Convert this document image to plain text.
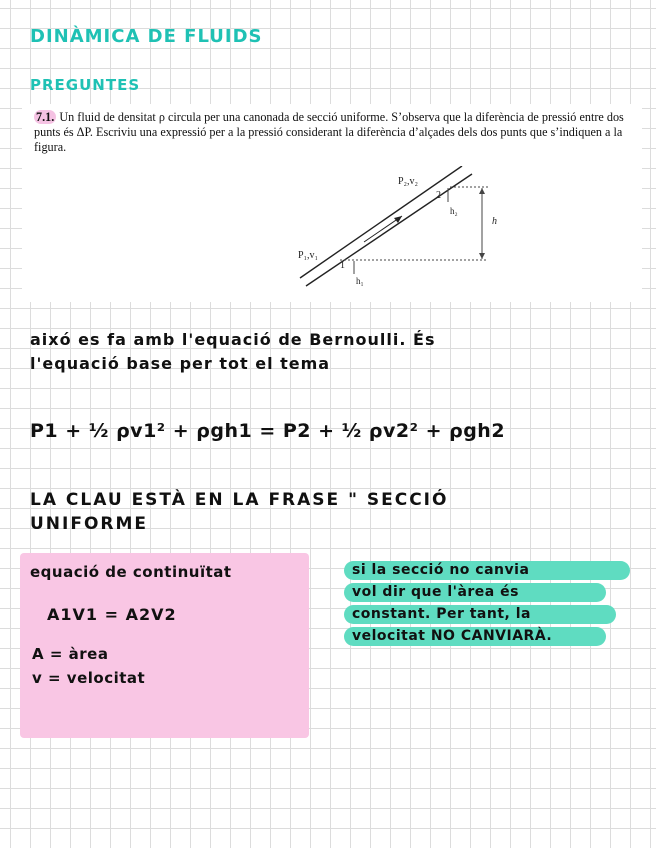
DINÀMICA DE FLUIDS
PREGUNTES
7.1. Un fluid de densitat ρ circula per una canonada de secció uniforme. S’observa que la diferència de pressió entre dos punts és ΔP. Escriviu una expressió per a la pressió considerant la diferència d’alçades dels dos punts que s’indiquen a la figura.
P₂,v₂
P₁,v₁
2
1
h₂
h₁
h
aixó es fa amb l'equació de Bernoulli. És
l'equació base per tot el tema
P1 + ½ ρv1² + ρgh1 = P2 + ½ ρv2² + ρgh2
LA CLAU ESTÀ EN LA FRASE " SECCIÓ
UNIFORME
equació de continuïtat
A1V1 = A2V2
A = àrea
v = velocitat
si la secció no canvia
vol dir que l'àrea és
constant. Per tant, la
velocitat NO CANVIARÀ.
